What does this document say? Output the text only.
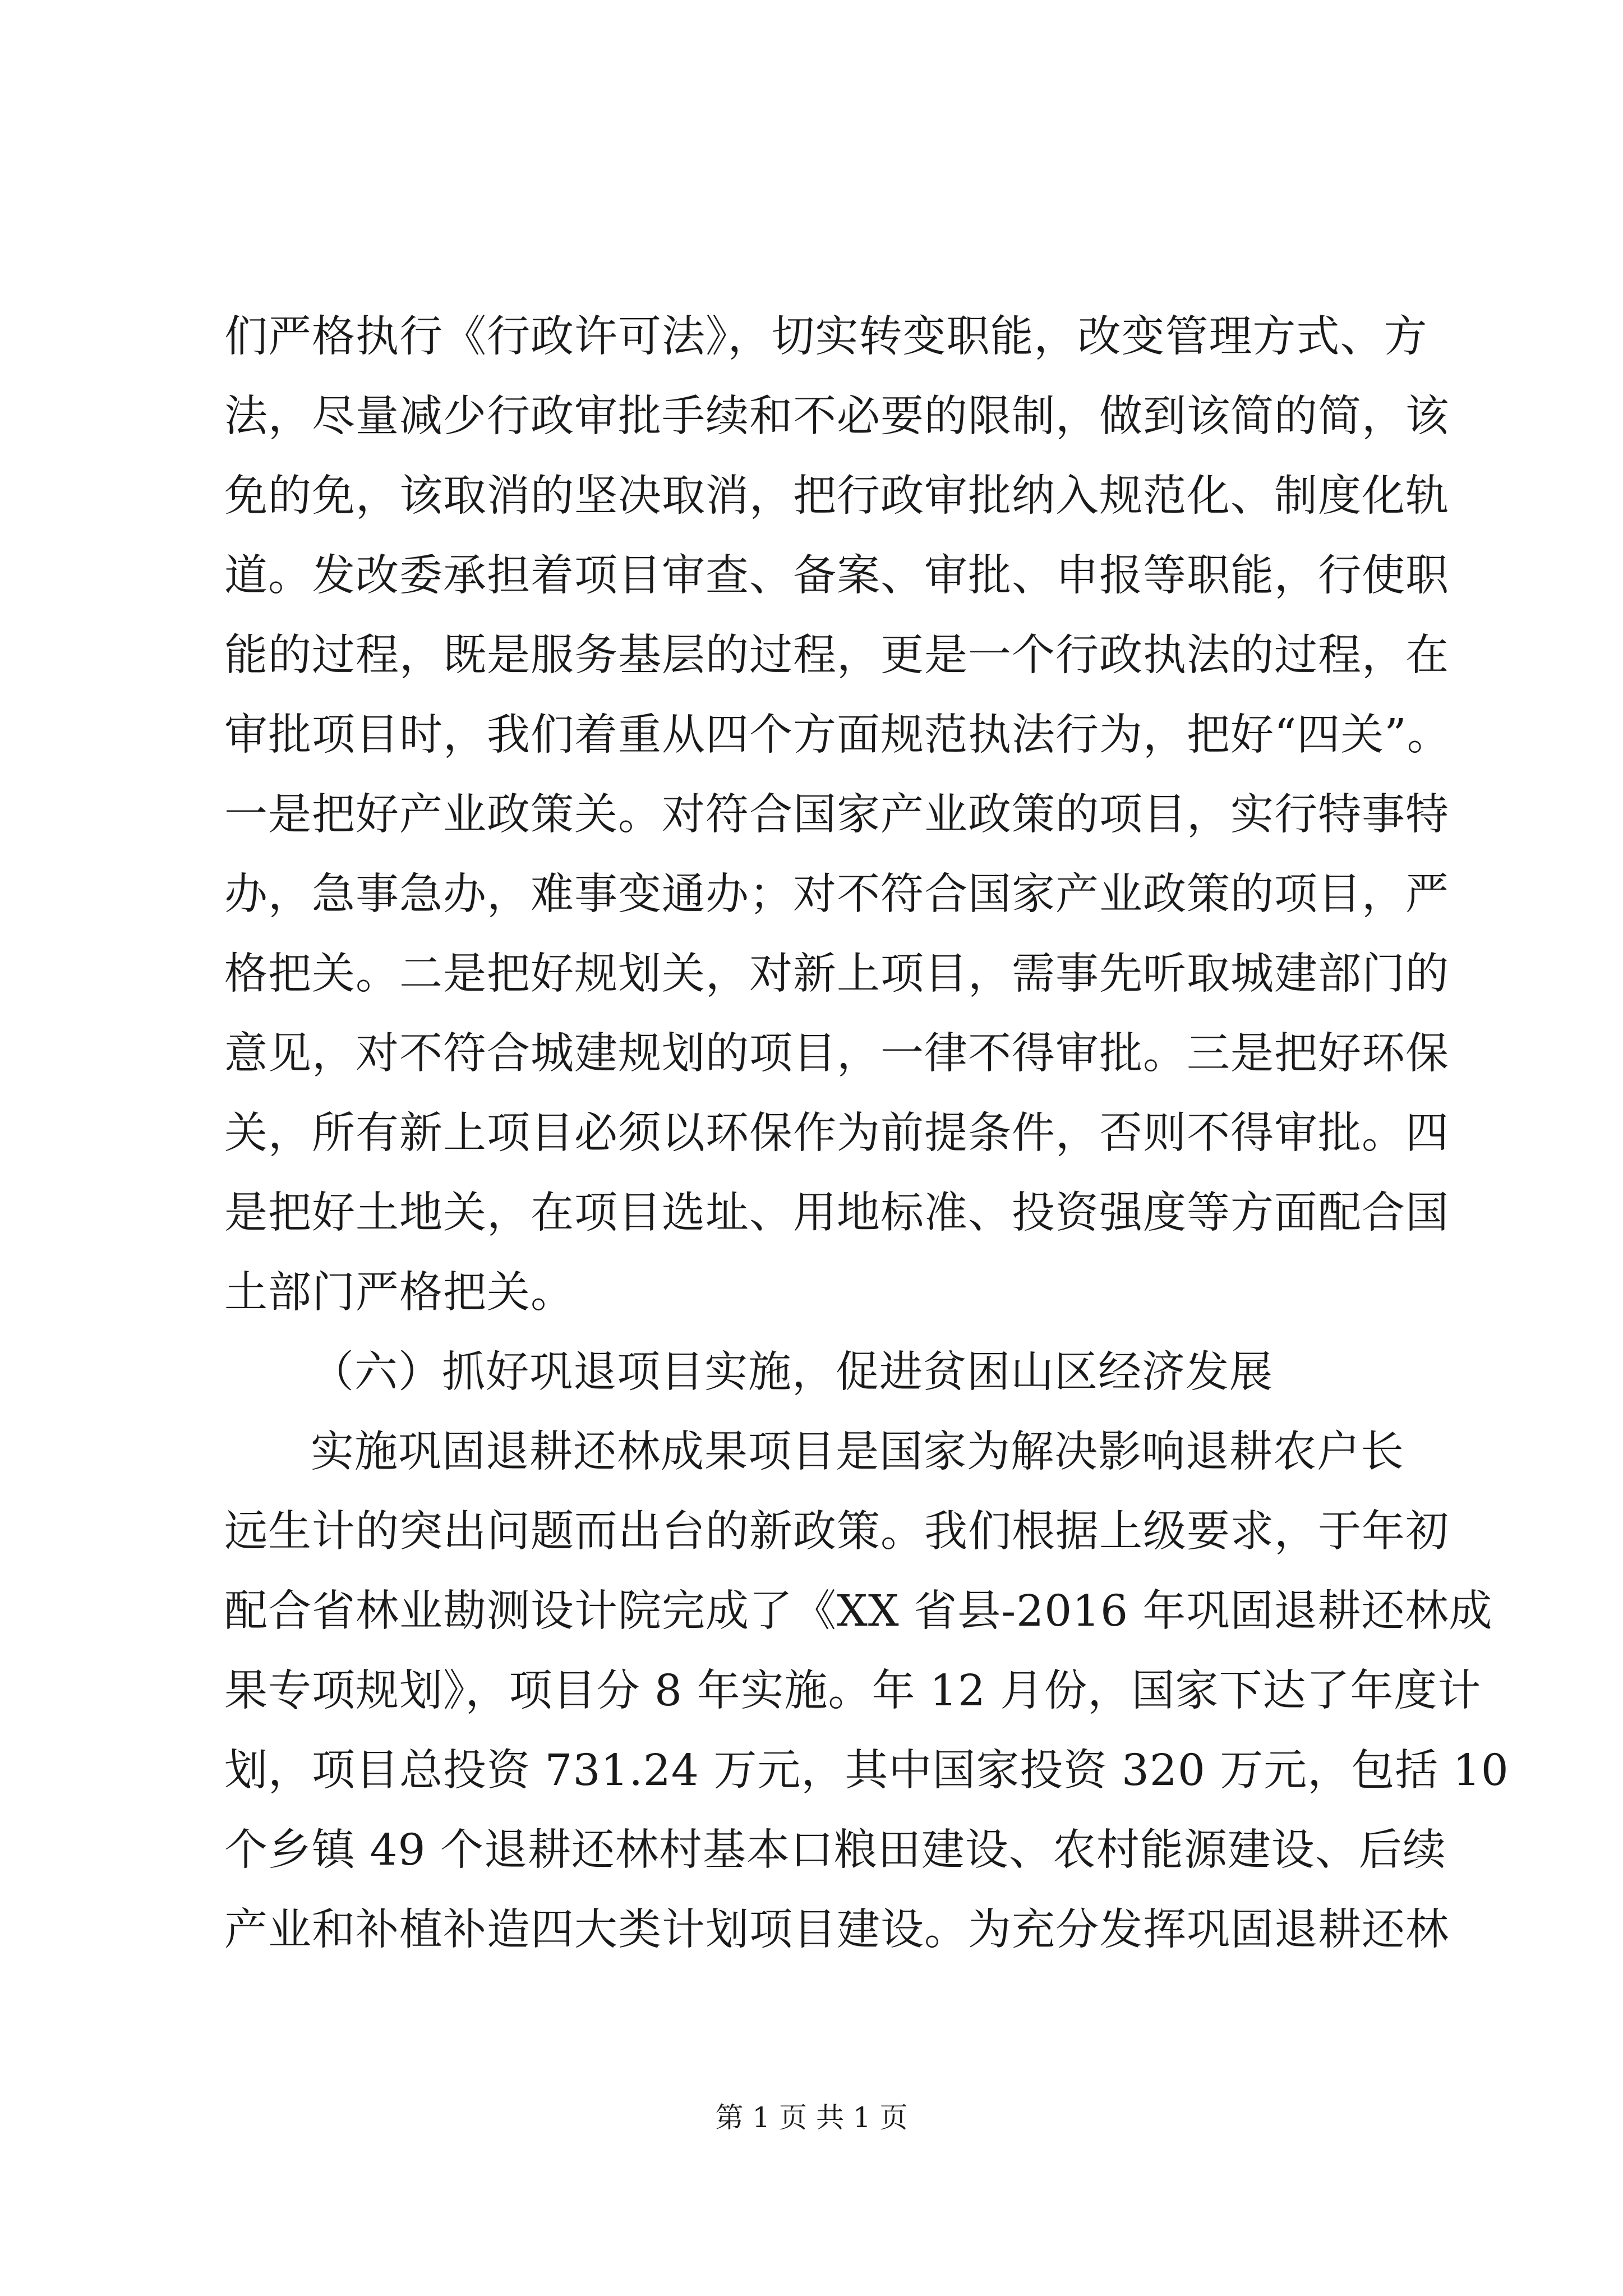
们严格执行《行政许可法》，切实转变职能，改变管理方式、方
法，尽量减少行政审批手续和不必要的限制，做到该简的简，该
免的免，该取消的坚决取消，把行政审批纳入规范化、制度化轨
道。发改委承担着项目审查、备案、审批、申报等职能，行使职
能的过程，既是服务基层的过程，更是一个行政执法的过程，在
审批项目时，我们着重从四个方面规范执法行为，把好“四关”。
一是把好产业政策关。对符合国家产业政策的项目，实行特事特
办，急事急办，难事变通办；对不符合国家产业政策的项目，严
格把关。二是把好规划关，对新上项目，需事先听取城建部门的
意见，对不符合城建规划的项目，一律不得审批。三是把好环保
关，所有新上项目必须以环保作为前提条件，否则不得审批。四
是把好土地关，在项目选址、用地标准、投资强度等方面配合国
土部门严格把关。
（六）抓好巩退项目实施，促进贫困山区经济发展
实施巩固退耕还林成果项目是国家为解决影响退耕农户长
远生计的突出问题而出台的新政策。我们根据上级要求，于年初
配合省林业勘测设计院完成了《XX 省县-2016 年巩固退耕还林成
果专项规划》，项目分 8 年实施。年 12 月份，国家下达了年度计
划，项目总投资 731.24 万元，其中国家投资 320 万元，包括 10
个乡镇 49 个退耕还林村基本口粮田建设、农村能源建设、后续
产业和补植补造四大类计划项目建设。为充分发挥巩固退耕还林
第 1 页 共 1 页
